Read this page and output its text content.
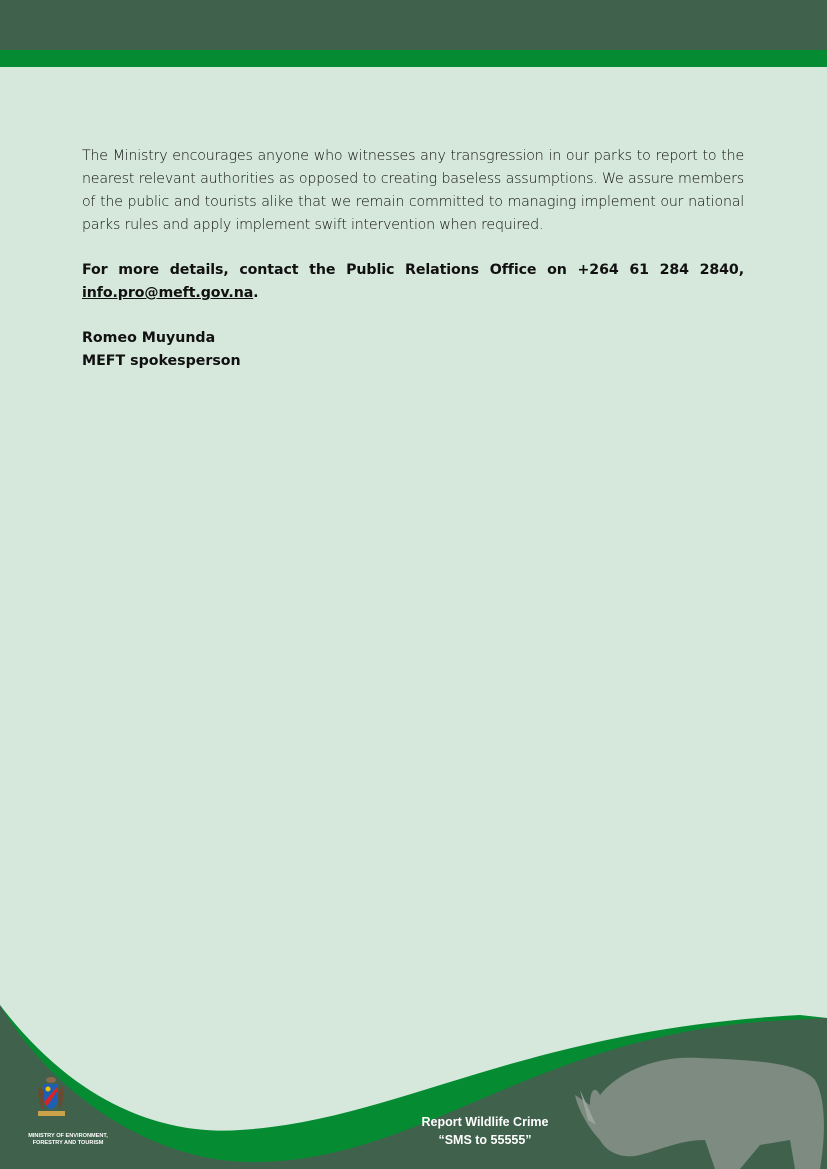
The Ministry encourages anyone who witnesses any transgression in our parks to report to the nearest relevant authorities as opposed to creating baseless assumptions. We assure members of the public and tourists alike that we remain committed to managing implement our national parks rules and apply implement swift intervention when required.

For more details, contact the Public Relations Office on +264 61 284 2840, info.pro@meft.gov.na.

Romeo Muyunda

MEFT spokesperson

MINISTRY OF ENVIRONMENT,
FORESTRY AND TOURISM
Report Wildlife Crime
“SMS to 55555”
